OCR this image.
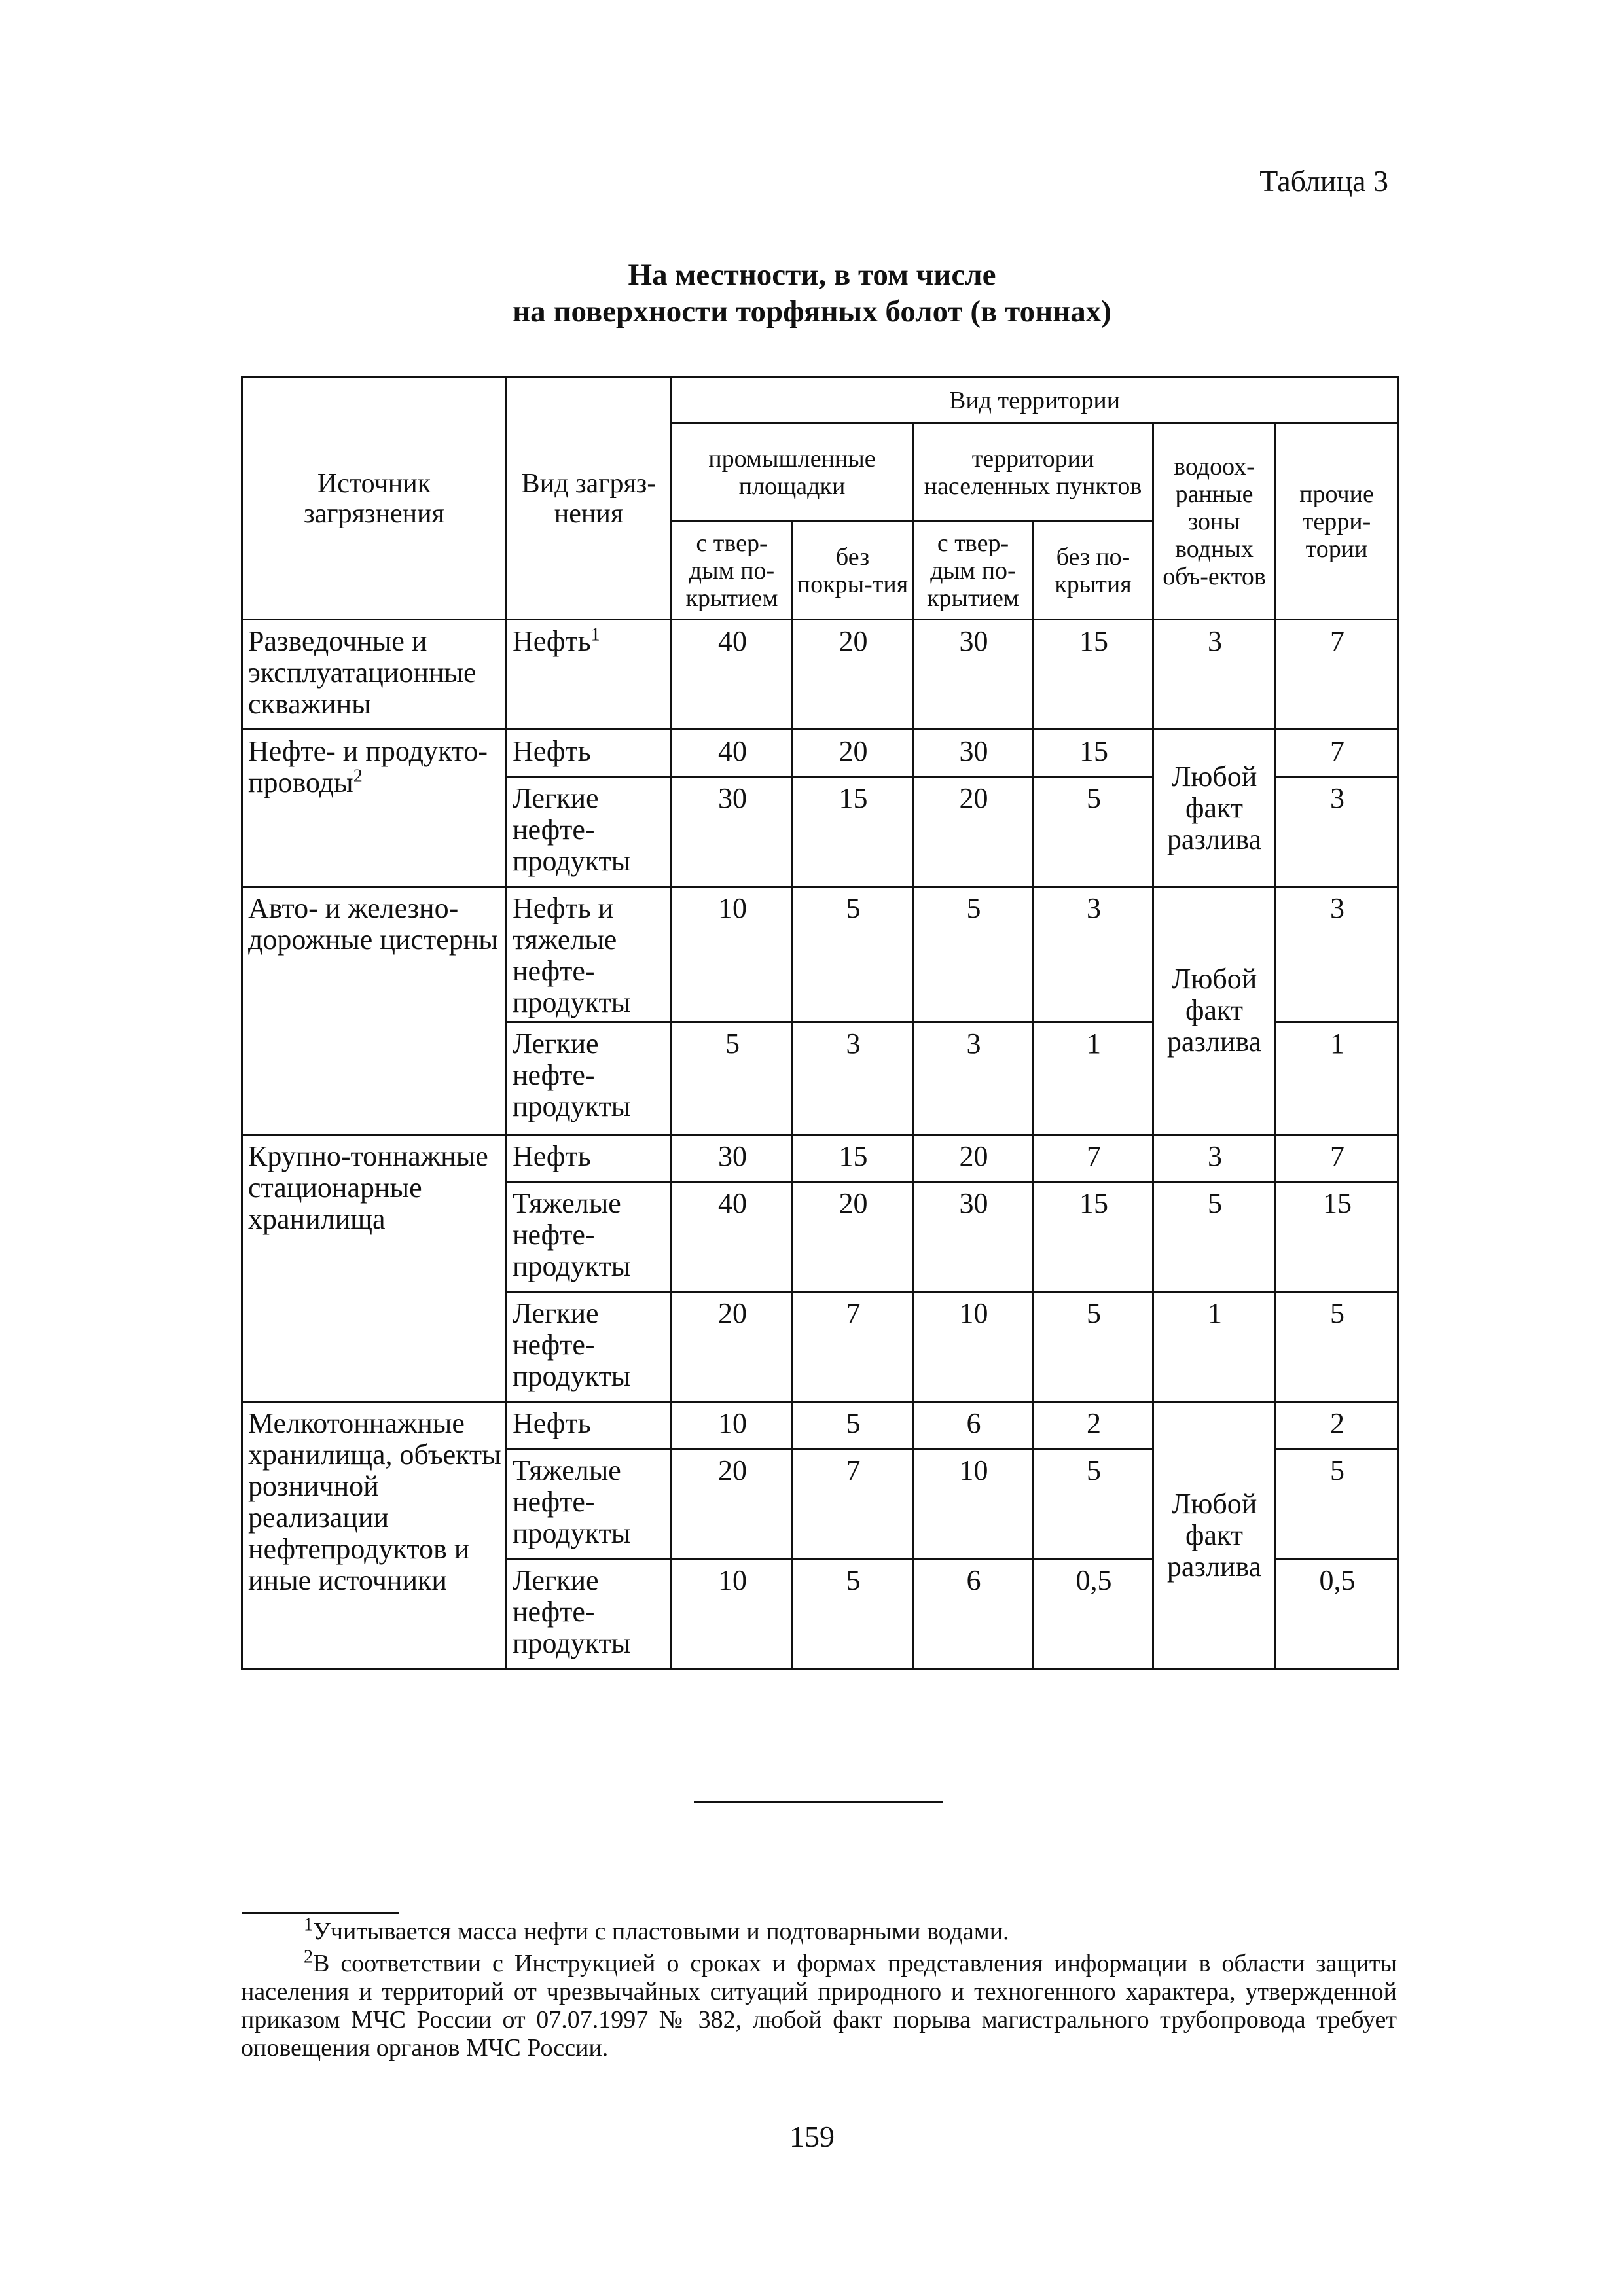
Таблица 3
На местности, в том числе
на поверхности торфяных болот (в тоннах)
Источник загрязнения	Вид загряз-нения	Вид территории					
		промышленные площадки		территории населенных пунктов		водоох-ранные зоны водных объ-ектов	прочие терри-тории
		с твер-дым по-крытием	без покры-тия	с твер-дым по-крытием	без по-крытия		
Разведочные и эксплуатационные скважины	Нефть$^1$	40	20	30	15	3	7
Нефте- и продукто-проводы$^2$	Нефть	40	20	30	15	Любой факт разлива	7
	Легкие нефте-продукты	30	15	20	5		3
Авто- и железно-дорожные цистерны	Нефть и тяжелые нефте-продукты	10	5	5	3	Любой факт разлива	3
	Легкие нефте-продукты	5	3	3	1		1
Крупно-тоннажные стационарные хранилища	Нефть	30	15	20	7	3	7
	Тяжелые нефте-продукты	40	20	30	15	5	15
	Легкие нефте-продукты	20	7	10	5	1	5
Мелкотоннажные хранилища, объекты розничной реализации нефтепродуктов и иные источники	Нефть	10	5	6	2	Любой факт разлива	2
	Тяжелые нефте-продукты	20	7	10	5		5
	Легкие нефте-продукты	10	5	6	0,5		0,5

$^1$Учитывается масса нефти с пластовыми и подтоварными водами.

$^2$В соответствии с Инструкцией о сроках и формах представления информации в области защиты населения и территорий от чрезвычайных ситуаций природного и техногенного характера, утвержденной приказом МЧС России от 07.07.1997 № 382, любой факт порыва магистрального трубопровода требует оповещения органов МЧС России.

159
